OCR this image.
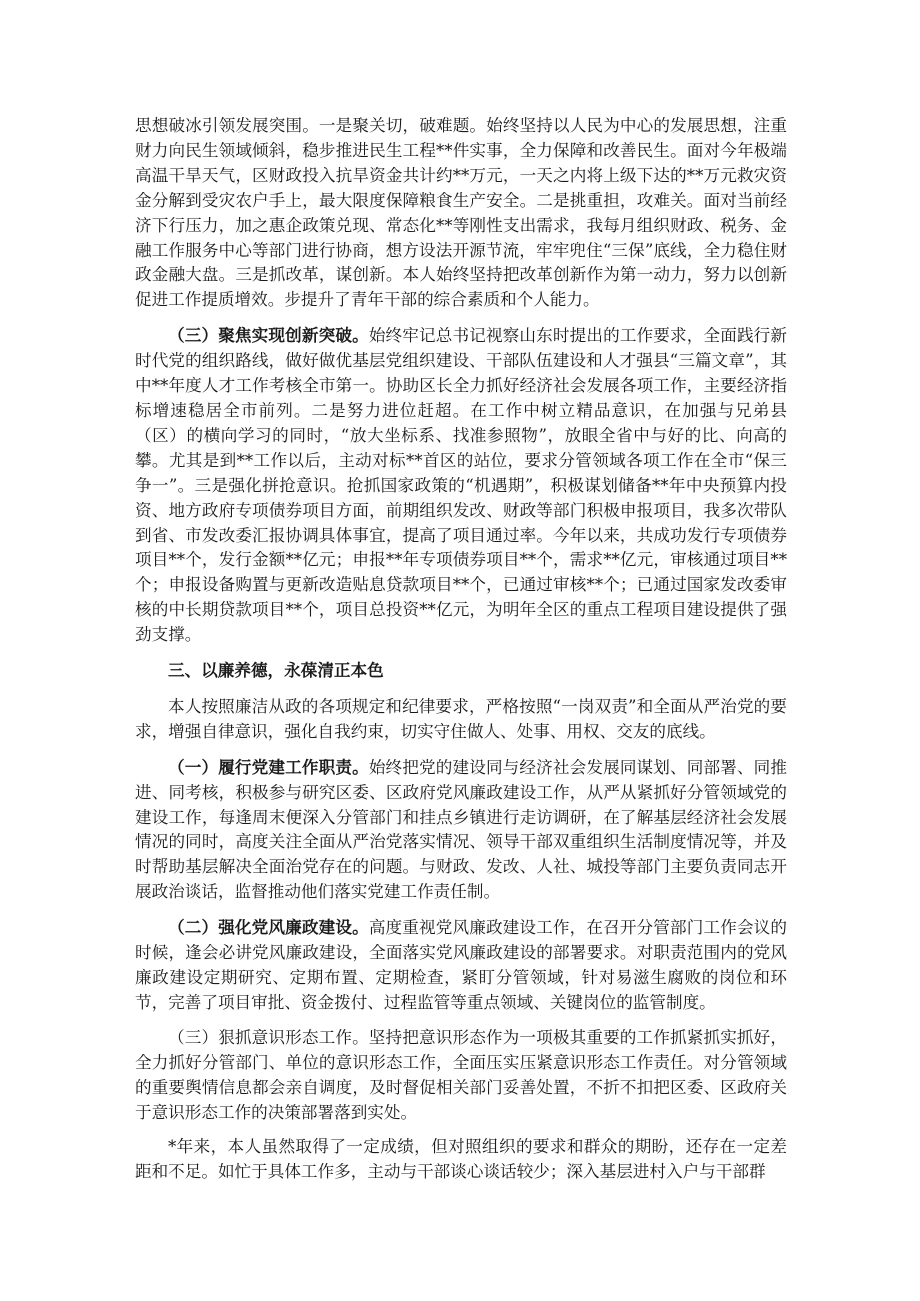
思想破冰引领发展突围。一是聚关切，破难题。始终坚持以人民为中心的发展思想，注重财力向民生领域倾斜，稳步推进民生工程**件实事，全力保障和改善民生。面对今年极端高温干旱天气，区财政投入抗旱资金共计约**万元，一天之内将上级下达的**万元救灾资金分解到受灾农户手上，最大限度保障粮食生产安全。二是挑重担，攻难关。面对当前经济下行压力，加之惠企政策兑现、常态化**等刚性支出需求，我每月组织财政、税务、金融工作服务中心等部门进行协商，想方设法开源节流，牢牢兜住“三保”底线，全力稳住财政金融大盘。三是抓改革，谋创新。本人始终坚持把改革创新作为第一动力，努力以创新促进工作提质增效。步提升了青年干部的综合素质和个人能力。

（三）聚焦实现创新突破。始终牢记总书记视察山东时提出的工作要求，全面践行新时代党的组织路线，做好做优基层党组织建设、干部队伍建设和人才强县“三篇文章”，其中**年度人才工作考核全市第一。协助区长全力抓好经济社会发展各项工作，主要经济指标增速稳居全市前列。二是努力进位赶超。在工作中树立精品意识，在加强与兄弟县（区）的横向学习的同时，“放大坐标系、找准参照物”，放眼全省中与好的比、向高的攀。尤其是到**工作以后，主动对标**首区的站位，要求分管领域各项工作在全市“保三争一”。三是强化拼抢意识。抢抓国家政策的“机遇期”，积极谋划储备**年中央预算内投资、地方政府专项债券项目方面，前期组织发改、财政等部门积极申报项目，我多次带队到省、市发改委汇报协调具体事宜，提高了项目通过率。今年以来，共成功发行专项债券项目**个，发行金额**亿元；申报**年专项债券项目**个，需求**亿元，审核通过项目**个；申报设备购置与更新改造贴息贷款项目**个，已通过审核**个；已通过国家发改委审核的中长期贷款项目**个，项目总投资**亿元，为明年全区的重点工程项目建设提供了强劲支撑。

三、以廉养德，永葆清正本色

本人按照廉洁从政的各项规定和纪律要求，严格按照“一岗双责”和全面从严治党的要求，增强自律意识，强化自我约束，切实守住做人、处事、用权、交友的底线。

（一）履行党建工作职责。始终把党的建设同与经济社会发展同谋划、同部署、同推进、同考核，积极参与研究区委、区政府党风廉政建设工作，从严从紧抓好分管领域党的建设工作，每逢周末便深入分管部门和挂点乡镇进行走访调研，在了解基层经济社会发展情况的同时，高度关注全面从严治党落实情况、领导干部双重组织生活制度情况等，并及时帮助基层解决全面治党存在的问题。与财政、发改、人社、城投等部门主要负责同志开展政治谈话，监督推动他们落实党建工作责任制。

（二）强化党风廉政建设。高度重视党风廉政建设工作，在召开分管部门工作会议的时候，逢会必讲党风廉政建设，全面落实党风廉政建设的部署要求。对职责范围内的党风廉政建设定期研究、定期布置、定期检查，紧盯分管领域，针对易滋生腐败的岗位和环节，完善了项目审批、资金拨付、过程监管等重点领域、关键岗位的监管制度。

（三）狠抓意识形态工作。坚持把意识形态作为一项极其重要的工作抓紧抓实抓好，全力抓好分管部门、单位的意识形态工作，全面压实压紧意识形态工作责任。对分管领域的重要舆情信息都会亲自调度，及时督促相关部门妥善处置，不折不扣把区委、区政府关于意识形态工作的决策部署落到实处。

*年来，本人虽然取得了一定成绩，但对照组织的要求和群众的期盼，还存在一定差距和不足。如忙于具体工作多，主动与干部谈心谈话较少；深入基层进村入户与干部群
